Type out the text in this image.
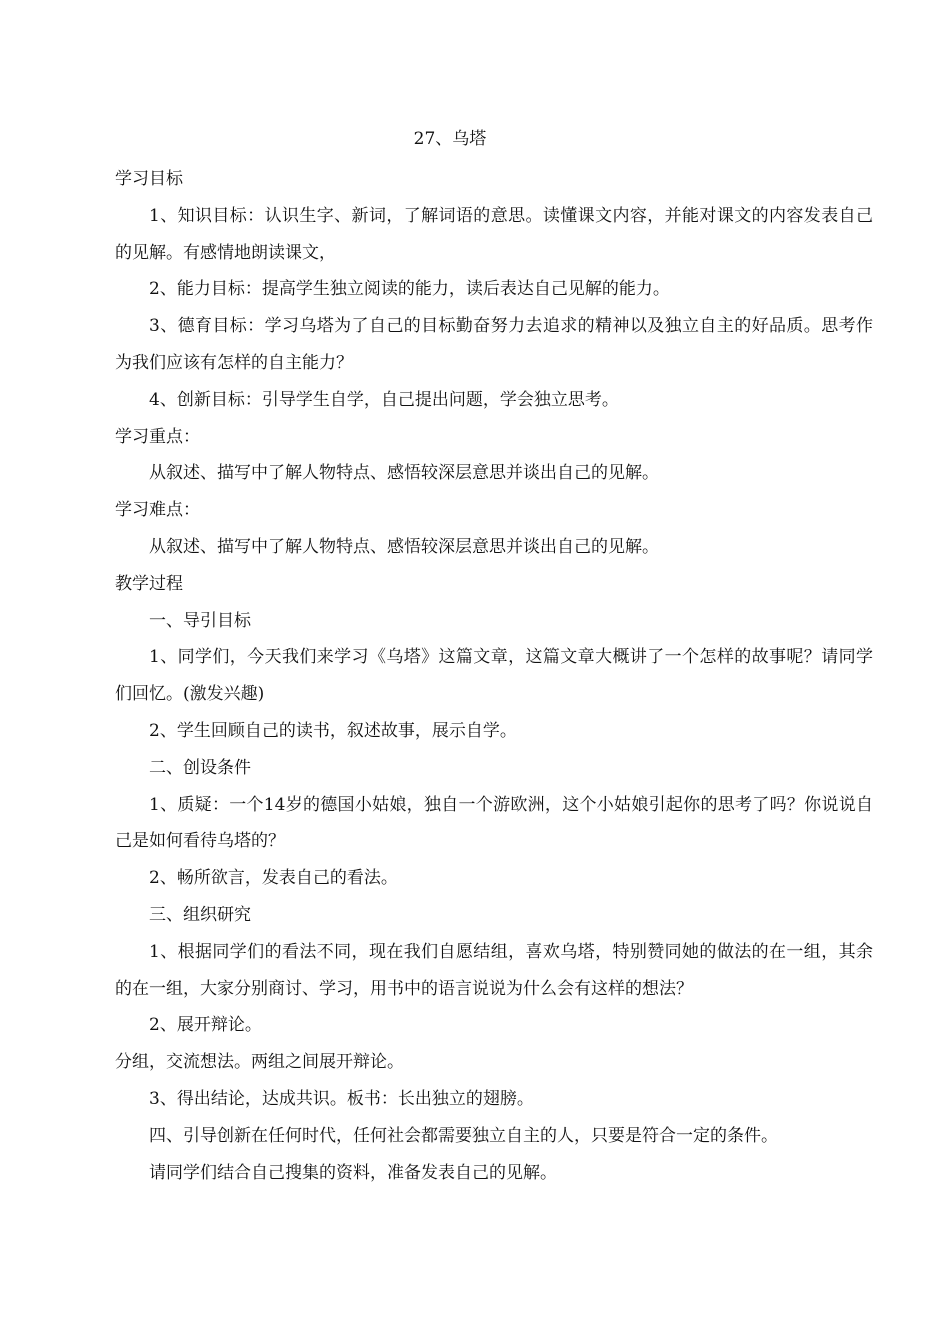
27、乌塔

学习目标

1、知识目标：认识生字、新词，了解词语的意思。读懂课文内容，并能对课文的内容发表自己的见解。有感情地朗读课文，

2、能力目标：提高学生独立阅读的能力，读后表达自己见解的能力。

3、德育目标：学习乌塔为了自己的目标勤奋努力去追求的精神以及独立自主的好品质。思考作为我们应该有怎样的自主能力？

4、创新目标：引导学生自学，自己提出问题，学会独立思考。

学习重点：

从叙述、描写中了解人物特点、感悟较深层意思并谈出自己的见解。

学习难点：

从叙述、描写中了解人物特点、感悟较深层意思并谈出自己的见解。

教学过程

一、导引目标

1、同学们，今天我们来学习《乌塔》这篇文章，这篇文章大概讲了一个怎样的故事呢？请同学们回忆。(激发兴趣)

2、学生回顾自己的读书，叙述故事，展示自学。

二、创设条件

1、质疑：一个14岁的德国小姑娘，独自一个游欧洲，这个小姑娘引起你的思考了吗？你说说自己是如何看待乌塔的？

2、畅所欲言，发表自己的看法。

三、组织研究

1、根据同学们的看法不同，现在我们自愿结组，喜欢乌塔，特别赞同她的做法的在一组，其余的在一组，大家分别商讨、学习，用书中的语言说说为什么会有这样的想法？

2、展开辩论。

分组，交流想法。两组之间展开辩论。

3、得出结论，达成共识。板书：长出独立的翅膀。

四、引导创新在任何时代，任何社会都需要独立自主的人，只要是符合一定的条件。

请同学们结合自己搜集的资料，准备发表自己的见解。
